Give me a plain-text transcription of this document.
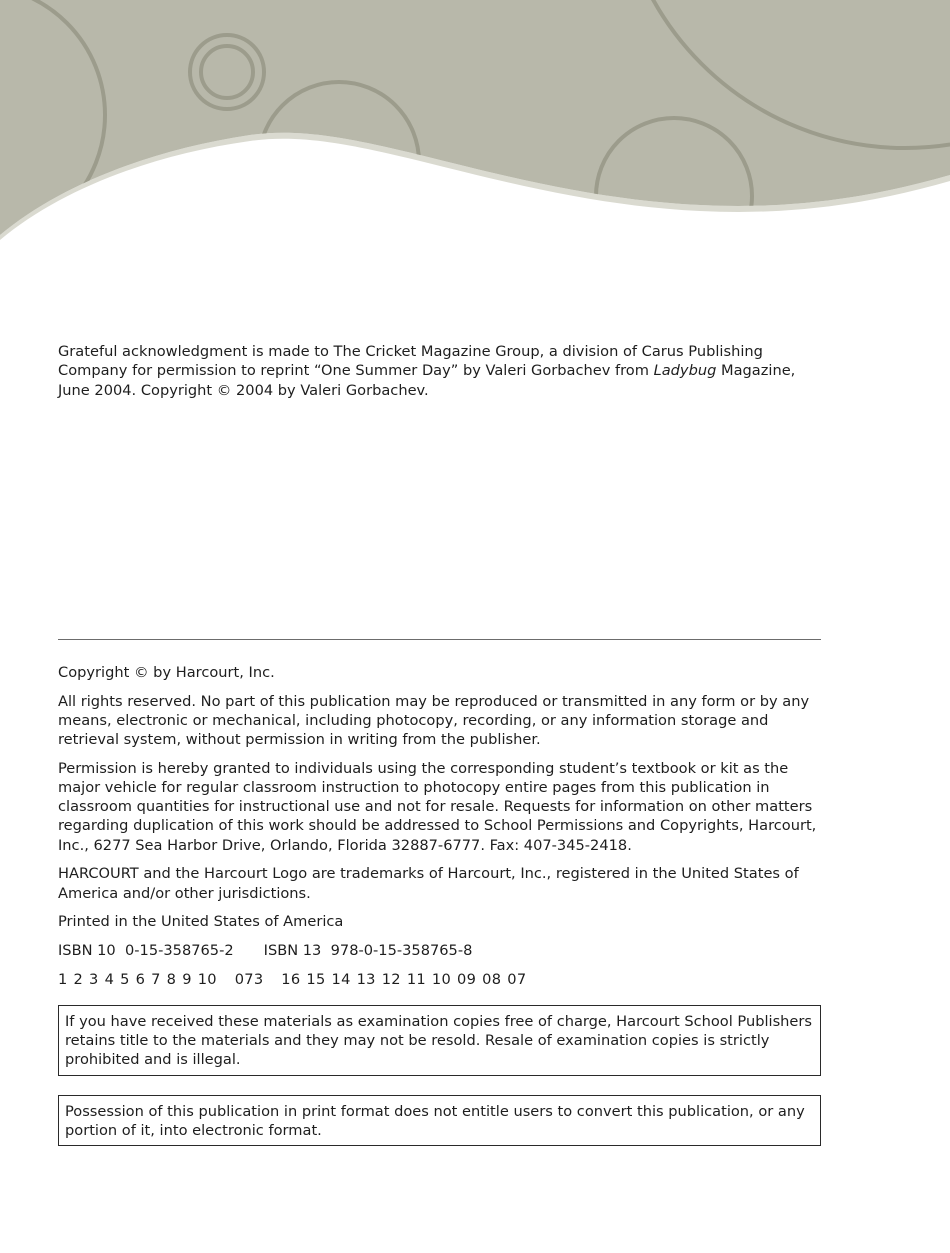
Grateful acknowledgment is made to The Cricket Magazine Group, a division of Carus Publishing Company for permission to reprint “One Summer Day” by Valeri Gorbachev from Ladybug Magazine, June 2004. Copyright © 2004 by Valeri Gorbachev.

Copyright © by Harcourt, Inc.

All rights reserved. No part of this publication may be reproduced or transmitted in any form or by any means, electronic or mechanical, including photocopy, recording, or any information storage and retrieval system, without permission in writing from the publisher.

Permission is hereby granted to individuals using the corresponding student’s textbook or kit as the major vehicle for regular classroom instruction to photocopy entire pages from this publication in classroom quantities for instructional use and not for resale. Requests for information on other matters regarding duplication of this work should be addressed to School Permissions and Copyrights, Harcourt, Inc., 6277 Sea Harbor Drive, Orlando, Florida 32887-6777. Fax: 407-345-2418.

HARCOURT and the Harcourt Logo are trademarks of Harcourt, Inc., registered in the United States of America and/or other jurisdictions.

Printed in the United States of America

ISBN 10  0-15-358765-2 ISBN 13  978-0-15-358765-8

1 2 3 4 5 6 7 8 9 10   073   16 15 14 13 12 11 10 09 08 07

If you have received these materials as examination copies free of charge, Harcourt School Publishers retains title to the materials and they may not be resold. Resale of examination copies is strictly prohibited and is illegal.
Possession of this publication in print format does not entitle users to convert this publication, or any portion of it, into electronic format.
